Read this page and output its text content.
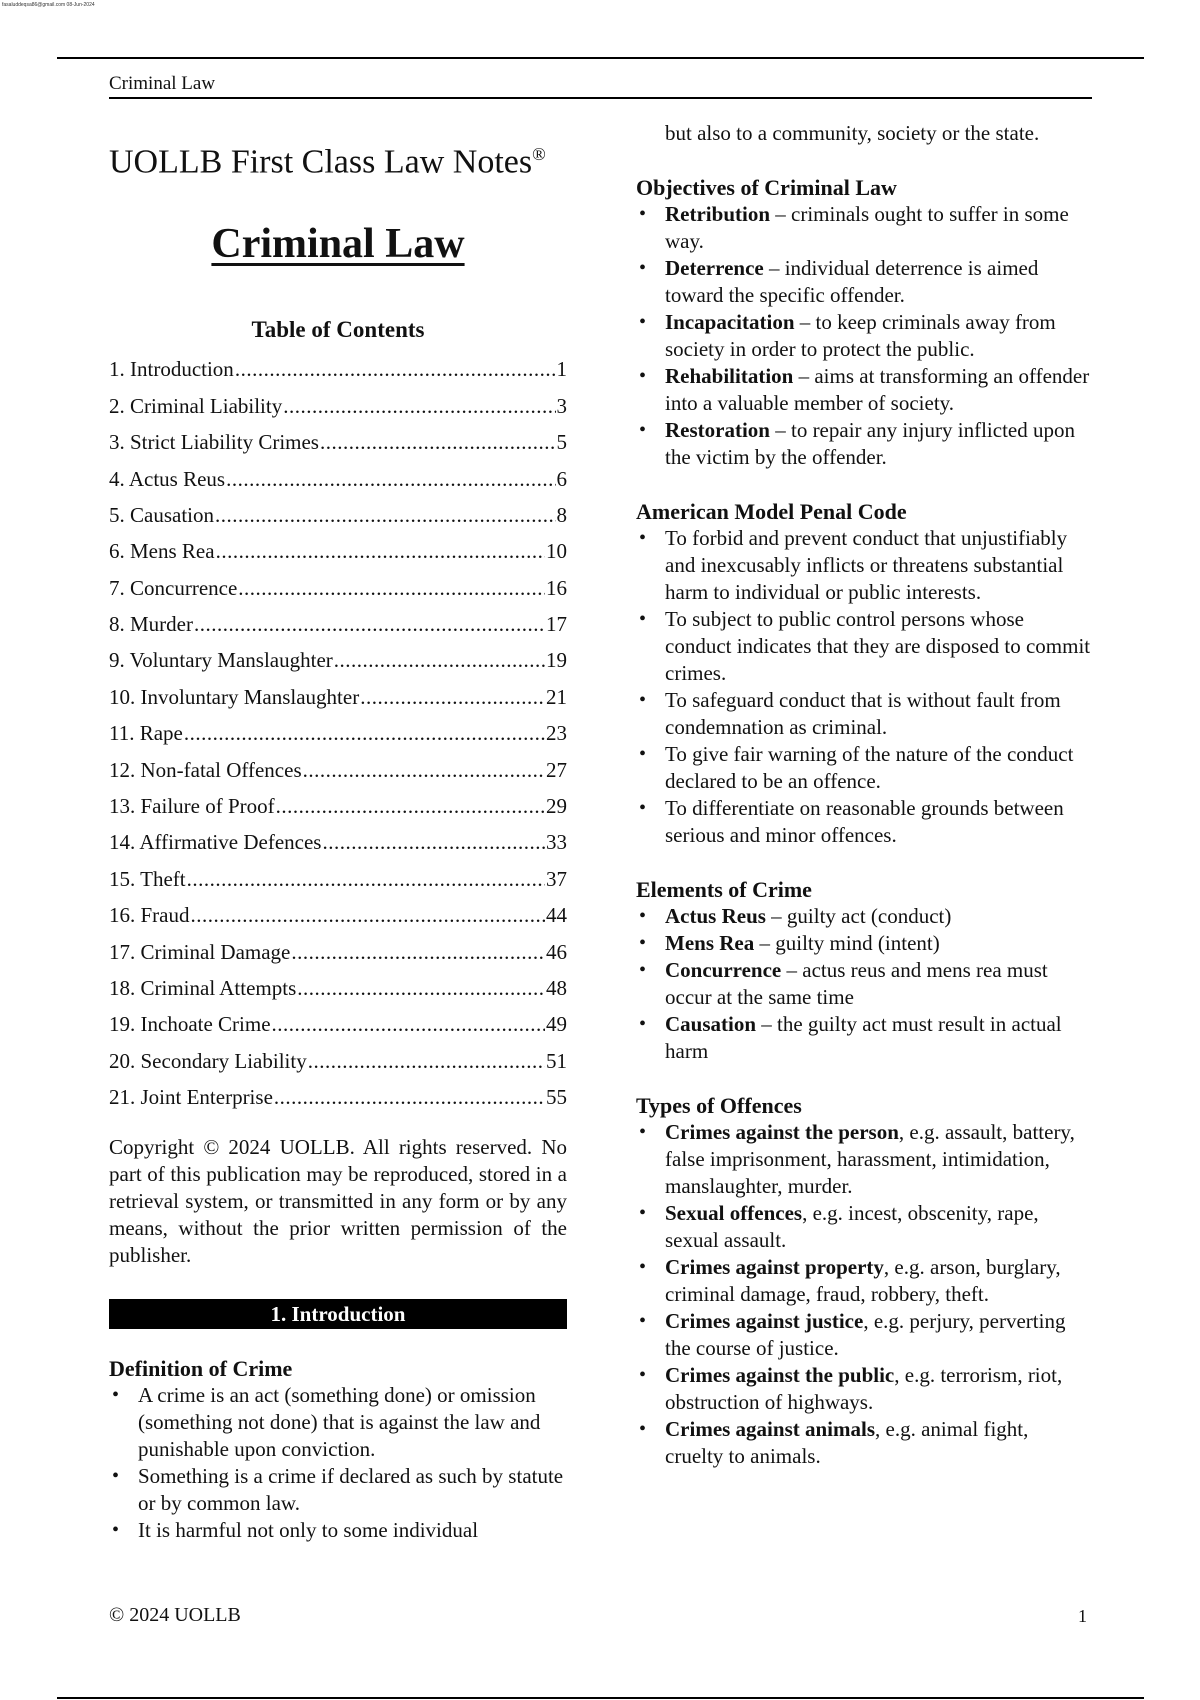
fasaluddeqsa86@gmail.com 08-Jun-2024
Criminal Law
UOLLB First Class Law Notes®
Criminal Law
Table of Contents
1. Introduction .....	1
2. Criminal Liability .....	3
3. Strict Liability Crimes .....	5
4. Actus Reus .....	6
5. Causation .....	8
6. Mens Rea .....	10
7. Concurrence .....	16
8. Murder .....	17
9. Voluntary Manslaughter .....	19
10. Involuntary Manslaughter .....	21
11. Rape .....	23
12. Non-fatal Offences .....	27
13. Failure of Proof .....	29
14. Affirmative Defences .....	33
15. Theft .....	37
16. Fraud .....	44
17. Criminal Damage .....	46
18. Criminal Attempts .....	48
19. Inchoate Crime .....	49
20. Secondary Liability .....	51
21. Joint Enterprise .....	55
Copyright © 2024 UOLLB. All rights reserved. No part of this publication may be reproduced, stored in a retrieval system, or transmitted in any form or by any means, without the prior written permission of the publisher.
1. Introduction
Definition of Crime
• A crime is an act (something done) or omission (something not done) that is against the law and punishable upon conviction.
• Something is a crime if declared as such by statute or by common law.
• It is harmful not only to some individual
but also to a community, society or the state.
Objectives of Criminal Law
• Retribution – criminals ought to suffer in some way.
• Deterrence – individual deterrence is aimed toward the specific offender.
• Incapacitation – to keep criminals away from society in order to protect the public.
• Rehabilitation – aims at transforming an offender into a valuable member of society.
• Restoration – to repair any injury inflicted upon the victim by the offender.
American Model Penal Code
• To forbid and prevent conduct that unjustifiably and inexcusably inflicts or threatens substantial harm to individual or public interests.
• To subject to public control persons whose conduct indicates that they are disposed to commit crimes.
• To safeguard conduct that is without fault from condemnation as criminal.
• To give fair warning of the nature of the conduct declared to be an offence.
• To differentiate on reasonable grounds between serious and minor offences.
Elements of Crime
• Actus Reus – guilty act (conduct)
• Mens Rea – guilty mind (intent)
• Concurrence – actus reus and mens rea must occur at the same time
• Causation – the guilty act must result in actual harm
Types of Offences
• Crimes against the person, e.g. assault, battery, false imprisonment, harassment, intimidation, manslaughter, murder.
• Sexual offences, e.g. incest, obscenity, rape, sexual assault.
• Crimes against property, e.g. arson, burglary, criminal damage, fraud, robbery, theft.
• Crimes against justice, e.g. perjury, perverting the course of justice.
• Crimes against the public, e.g. terrorism, riot, obstruction of highways.
• Crimes against animals, e.g. animal fight, cruelty to animals.
© 2024 UOLLB	1
